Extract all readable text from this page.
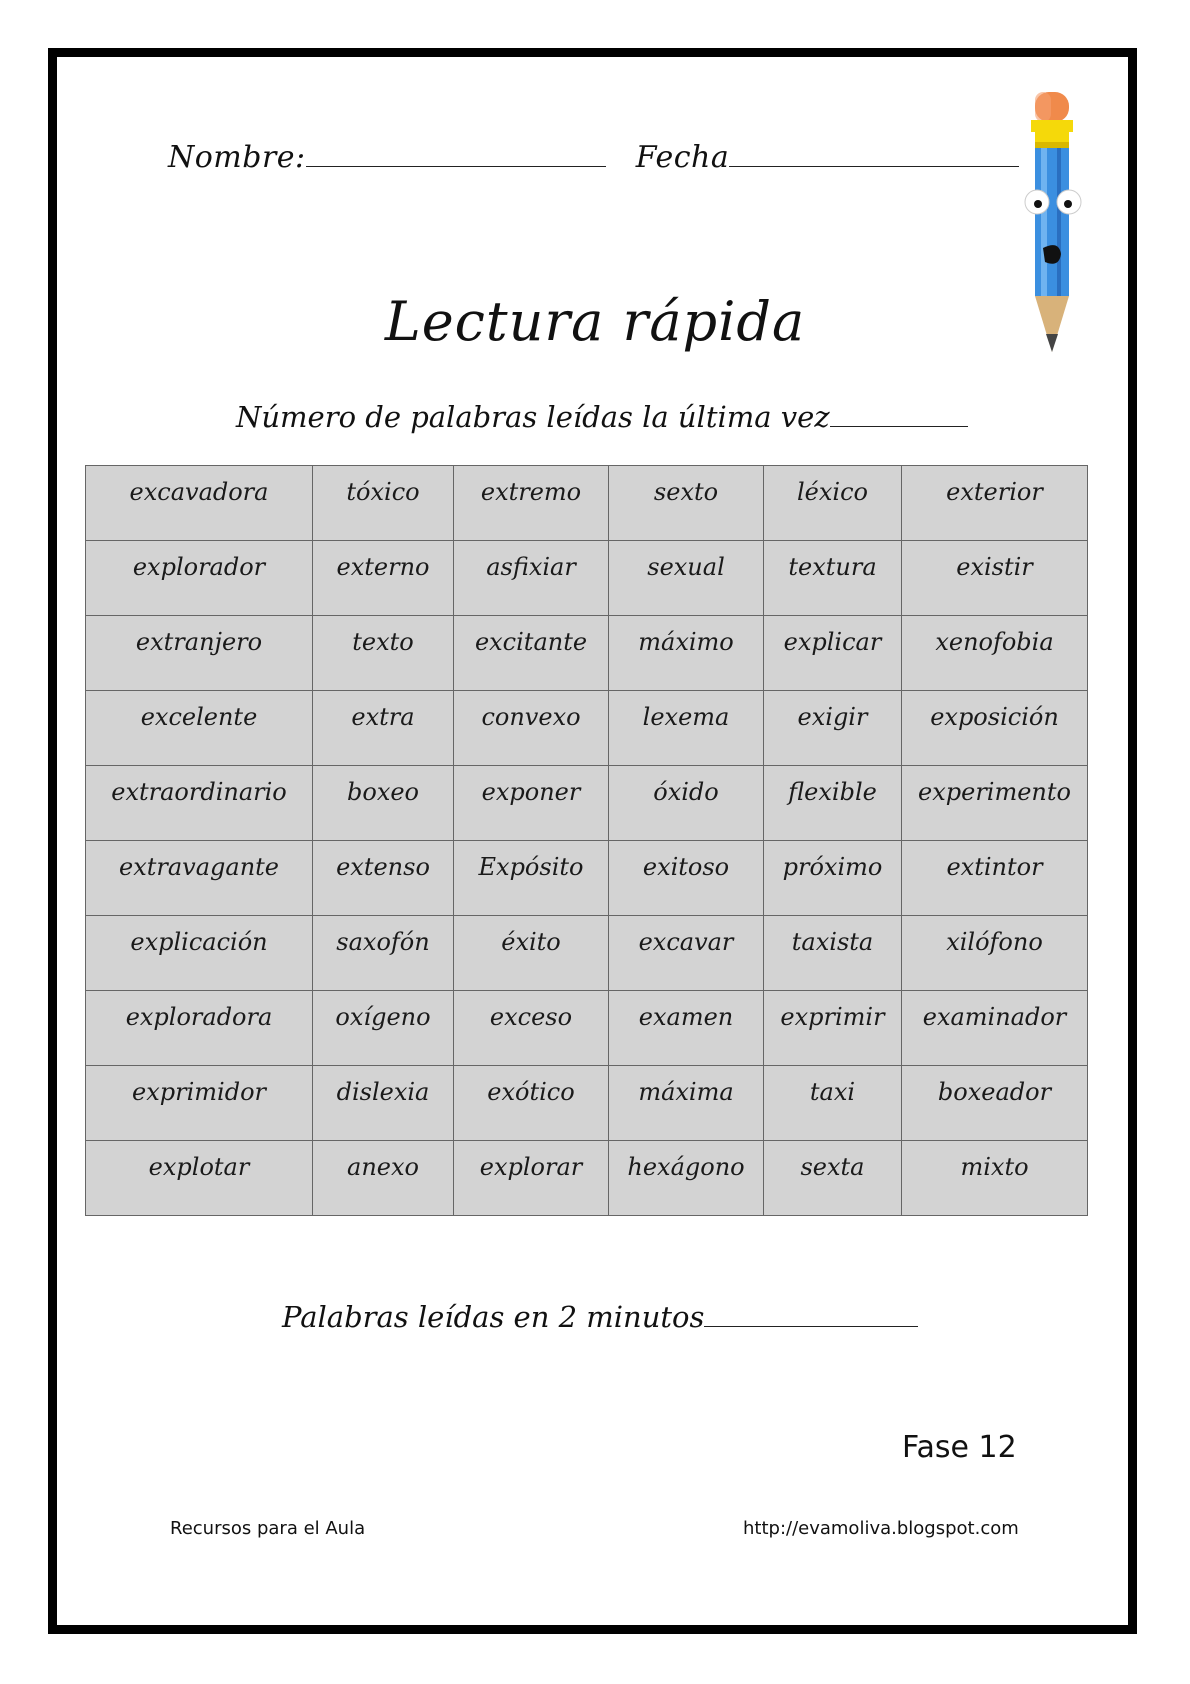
Nombre:	Fecha
Lectura rápida
Número de palabras leídas la última vez
excavadora	tóxico	extremo	sexto	léxico	exterior
explorador	externo	asfixiar	sexual	textura	existir
extranjero	texto	excitante	máximo	explicar	xenofobia
excelente	extra	convexo	lexema	exigir	exposición
extraordinario	boxeo	exponer	óxido	flexible	experimento
extravagante	extenso	Expósito	exitoso	próximo	extintor
explicación	saxofón	éxito	excavar	taxista	xilófono
exploradora	oxígeno	exceso	examen	exprimir	examinador
exprimidor	dislexia	exótico	máxima	taxi	boxeador
explotar	anexo	explorar	hexágono	sexta	mixto
Palabras leídas en 2 minutos
Fase 12
Recursos para el Aula	http://evamoliva.blogspot.com
